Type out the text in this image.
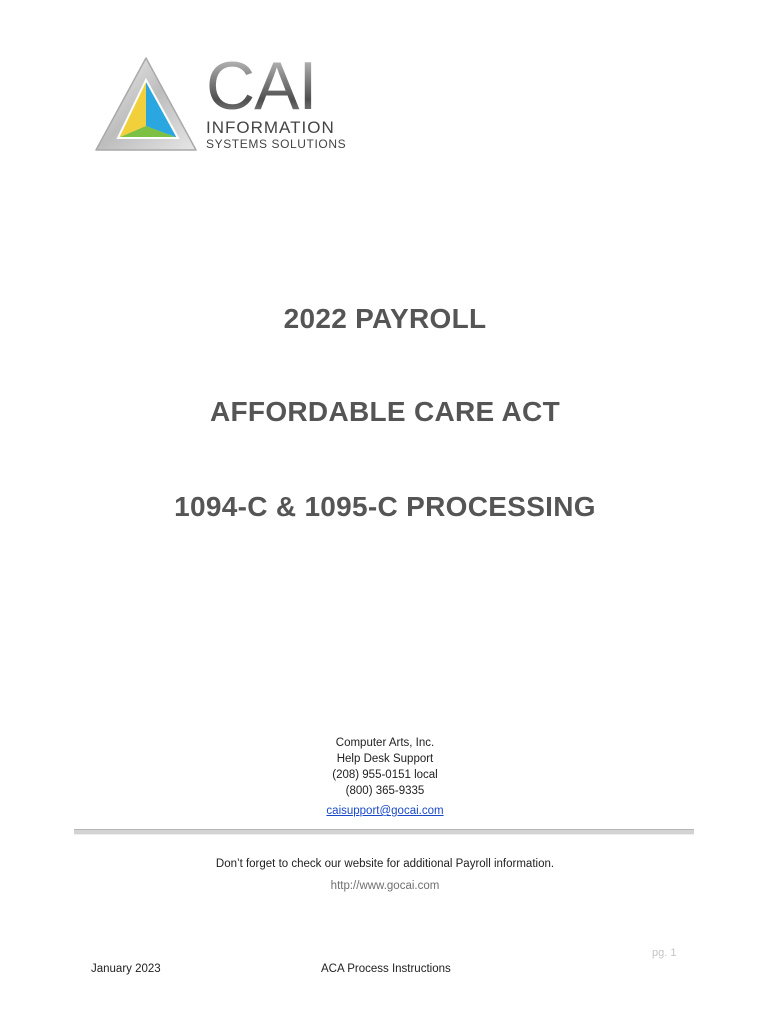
CAI
INFORMATION
SYSTEMS SOLUTIONS
2022 PAYROLL
AFFORDABLE CARE ACT
1094-C & 1095-C PROCESSING
Computer Arts, Inc.
Help Desk Support
(208) 955-0151 local
(800) 365-9335
caisupport@gocai.com
Don’t forget to check our website for additional Payroll information.
http://www.gocai.com
pg. 1
January 2023	ACA Process Instructions
